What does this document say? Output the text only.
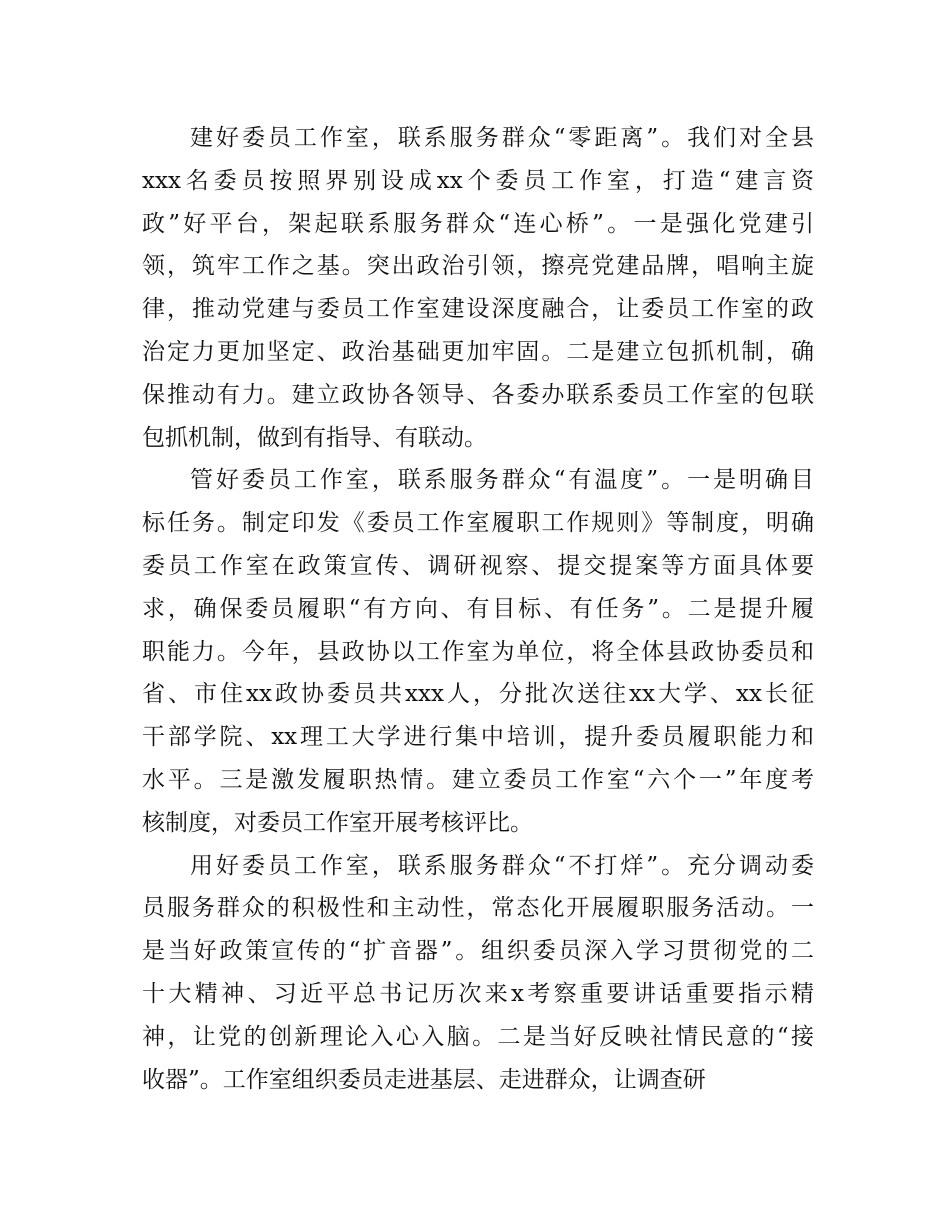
建好委员工作室，联系服务群众“零距离”。我们对全县
xxx名委员按照界别设成xx个委员工作室，打造“建言资
政”好平台，架起联系服务群众“连心桥”。一是强化党建引
领，筑牢工作之基。突出政治引领，擦亮党建品牌，唱响主旋
律，推动党建与委员工作室建设深度融合，让委员工作室的政
治定力更加坚定、政治基础更加牢固。二是建立包抓机制，确
保推动有力。建立政协各领导、各委办联系委员工作室的包联
包抓机制，做到有指导、有联动。
管好委员工作室，联系服务群众“有温度”。一是明确目
标任务。制定印发《委员工作室履职工作规则》等制度，明确
委员工作室在政策宣传、调研视察、提交提案等方面具体要
求，确保委员履职“有方向、有目标、有任务”。二是提升履
职能力。今年，县政协以工作室为单位，将全体县政协委员和
省、市住xx政协委员共xxx人，分批次送往xx大学、xx长征
干部学院、xx理工大学进行集中培训，提升委员履职能力和
水平。三是激发履职热情。建立委员工作室“六个一”年度考
核制度，对委员工作室开展考核评比。
用好委员工作室，联系服务群众“不打烊”。充分调动委
员服务群众的积极性和主动性，常态化开展履职服务活动。一
是当好政策宣传的“扩音器”。组织委员深入学习贯彻党的二
十大精神、习近平总书记历次来x考察重要讲话重要指示精
神，让党的创新理论入心入脑。二是当好反映社情民意的“接
收器”。工作室组织委员走进基层、走进群众，让调查研
